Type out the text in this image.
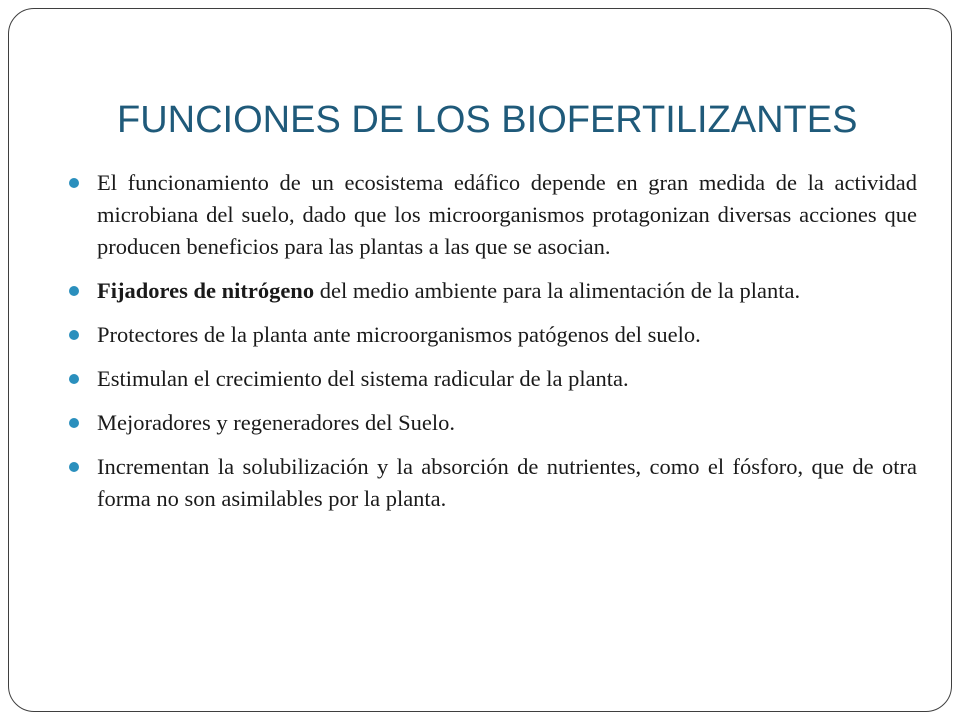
FUNCIONES DE LOS BIOFERTILIZANTES
El funcionamiento de un ecosistema edáfico depende en gran medida de la actividad microbiana del suelo, dado que los microorganismos protagonizan diversas acciones que producen beneficios para las plantas a las que se asocian.
Fijadores de nitrógeno del medio ambiente para la alimentación de la planta.
Protectores de la planta ante microorganismos patógenos del suelo.
Estimulan el crecimiento del sistema radicular de la planta.
Mejoradores y regeneradores del Suelo.
Incrementan la solubilización y la absorción de nutrientes, como el fósforo, que de otra forma no son asimilables por la planta.
